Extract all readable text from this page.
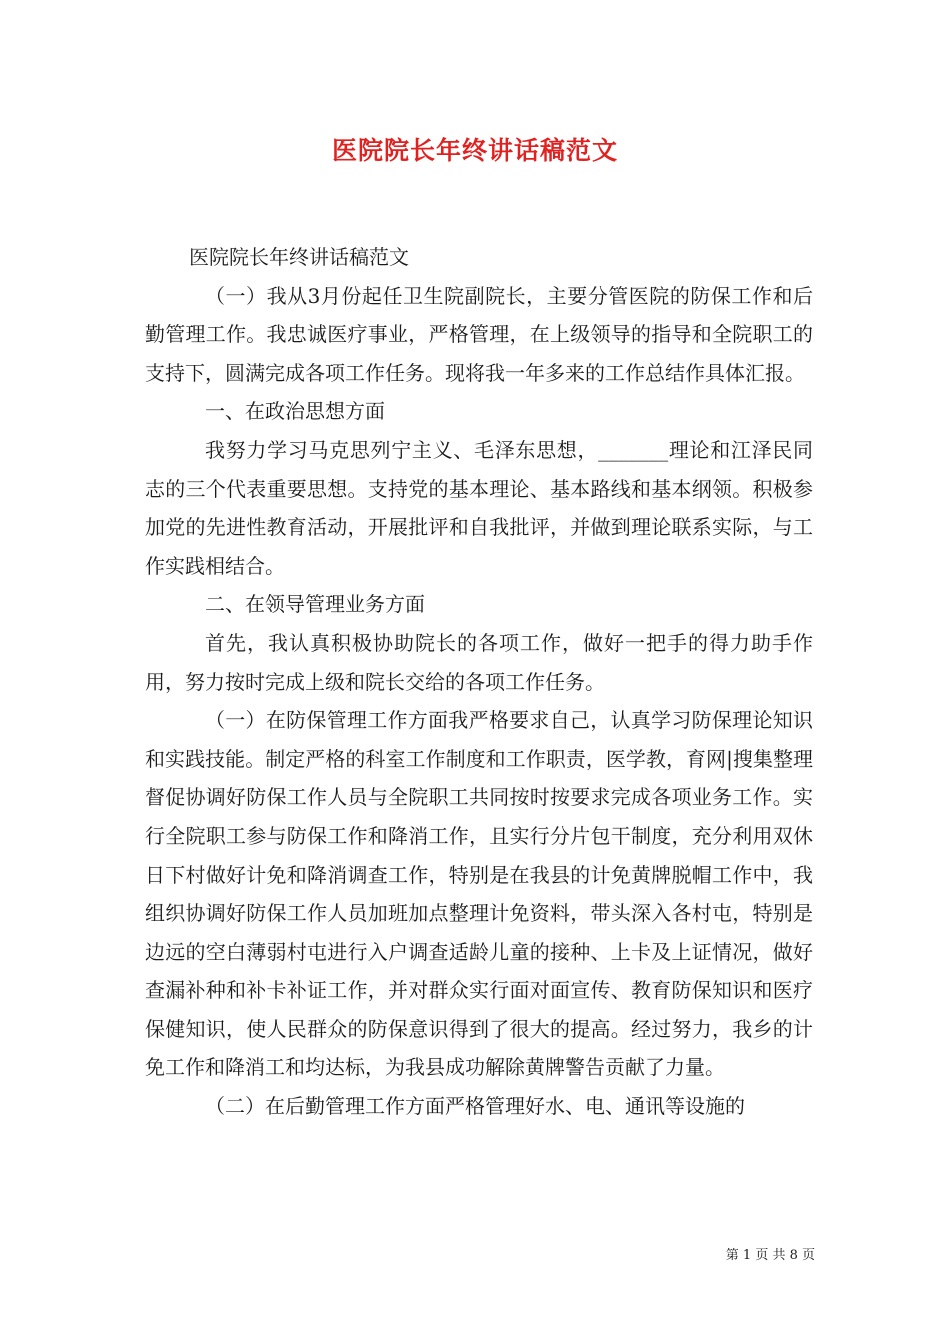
医院院长年终讲话稿范文

医院院长年终讲话稿范文

（一）我从3月份起任卫生院副院长，主要分管医院的防保工作和后勤管理工作。我忠诚医疗事业，严格管理，在上级领导的指导和全院职工的支持下，圆满完成各项工作任务。现将我一年多来的工作总结作具体汇报。

一、在政治思想方面

我努力学习马克思列宁主义、毛泽东思想，_______理论和江泽民同志的三个代表重要思想。支持党的基本理论、基本路线和基本纲领。积极参加党的先进性教育活动，开展批评和自我批评，并做到理论联系实际，与工作实践相结合。

二、在领导管理业务方面

首先，我认真积极协助院长的各项工作，做好一把手的得力助手作用，努力按时完成上级和院长交给的各项工作任务。

（一）在防保管理工作方面我严格要求自己，认真学习防保理论知识和实践技能。制定严格的科室工作制度和工作职责，医学教，育网|搜集整理督促协调好防保工作人员与全院职工共同按时按要求完成各项业务工作。实行全院职工参与防保工作和降消工作，且实行分片包干制度，充分利用双休日下村做好计免和降消调查工作，特别是在我县的计免黄牌脱帽工作中，我组织协调好防保工作人员加班加点整理计免资料，带头深入各村屯，特别是边远的空白薄弱村屯进行入户调查适龄儿童的接种、上卡及上证情况，做好查漏补种和补卡补证工作，并对群众实行面对面宣传、教育防保知识和医疗保健知识，使人民群众的防保意识得到了很大的提高。经过努力，我乡的计免工作和降消工和均达标，为我县成功解除黄牌警告贡献了力量。

（二）在后勤管理工作方面严格管理好水、电、通讯等设施的

第 1 页 共 8 页
